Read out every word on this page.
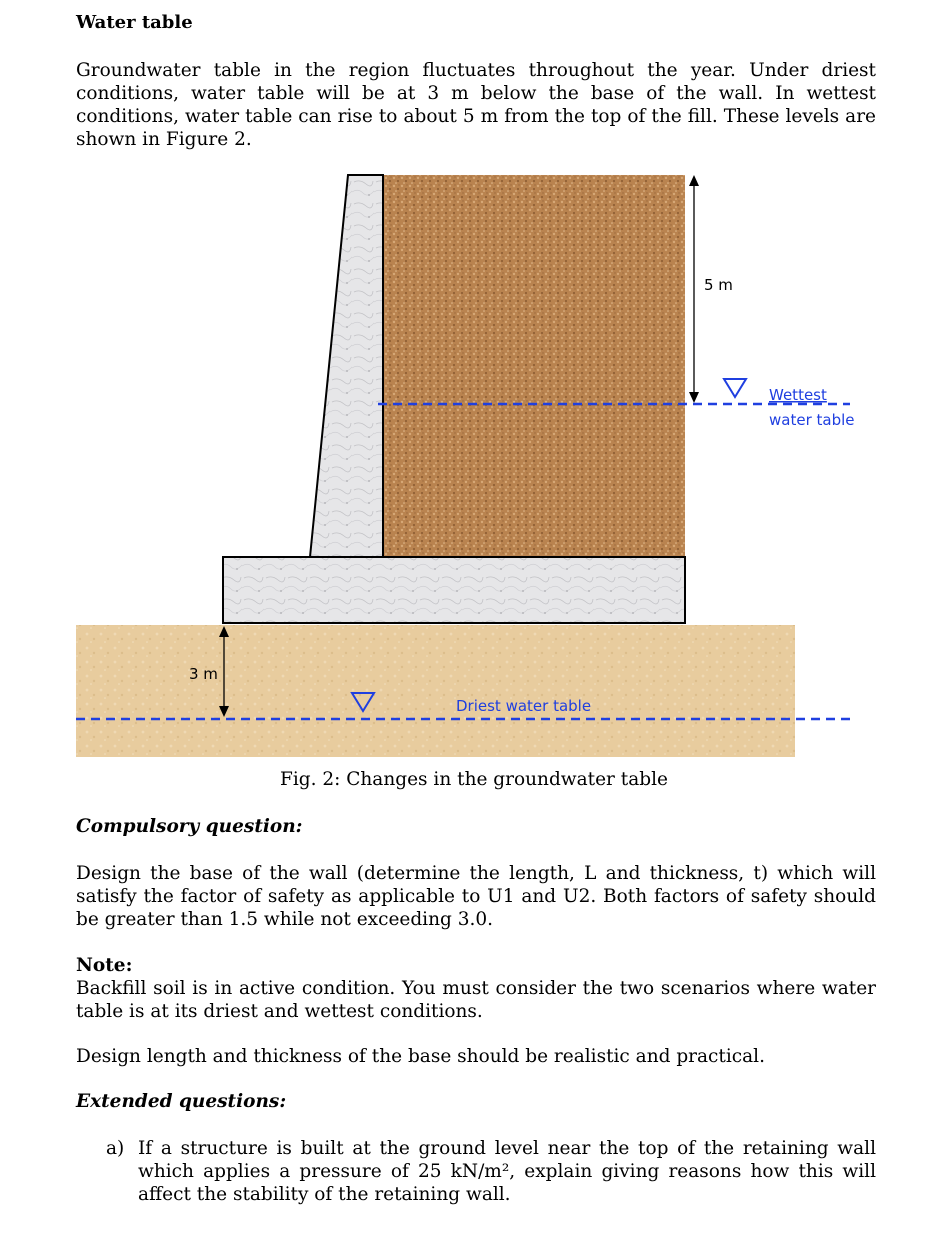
Water table
Groundwater table in the region fluctuates throughout the year. Under driest conditions, water table will be at 3 m below the base of the wall. In wettest conditions, water table can rise to about 5 m from the top of the fill. These levels are shown in Figure 2.
5 m
Wettest
water table
3 m
Driest water table
Fig. 2: Changes in the groundwater table
Compulsory question:
Design the base of the wall (determine the length, L and thickness, t) which will satisfy the factor of safety as applicable to U1 and U2. Both factors of safety should be greater than 1.5 while not exceeding 3.0.
Note:
Backfill soil is in active condition. You must consider the two scenarios where water table is at its driest and wettest conditions.
Design length and thickness of the base should be realistic and practical.
Extended questions:
a) If a structure is built at the ground level near the top of the retaining wall which applies a pressure of 25 kN/m², explain giving reasons how this will affect the stability of the retaining wall.
